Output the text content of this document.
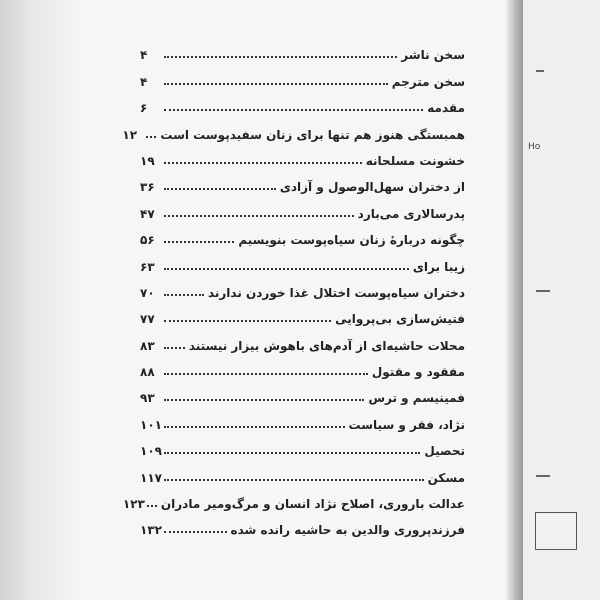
Ho
سخن ناشر
۴
سخن مترجم
۴
مقدمه
۶
همبستگی هنوز هم تنها برای زنان سفیدپوست است
۱۲
خشونت مسلحانه
۱۹
از دختران سهل‌الوصول و آزادی
۳۶
پدرسالاری می‌بارد
۴۷
چگونه دربارهٔ زنان سیاه‌پوست بنویسیم
۵۶
زیبا برای
۶۳
دختران سیاه‌پوست اختلال غذا خوردن ندارند
۷۰
فتیش‌سازی بی‌پروایی
۷۷
محلات حاشیه‌ای از آدم‌های باهوش بیزار نیستند
۸۳
مفقود و مقتول
۸۸
فمینیسم و ترس
۹۳
نژاد، فقر و سیاست
۱۰۱
تحصیل
۱۰۹
مسکن
۱۱۷
عدالت باروری، اصلاح نژاد انسان و مرگ‌ومیر مادران
۱۲۳
فرزندپروری والدین به حاشیه رانده شده
۱۳۲
